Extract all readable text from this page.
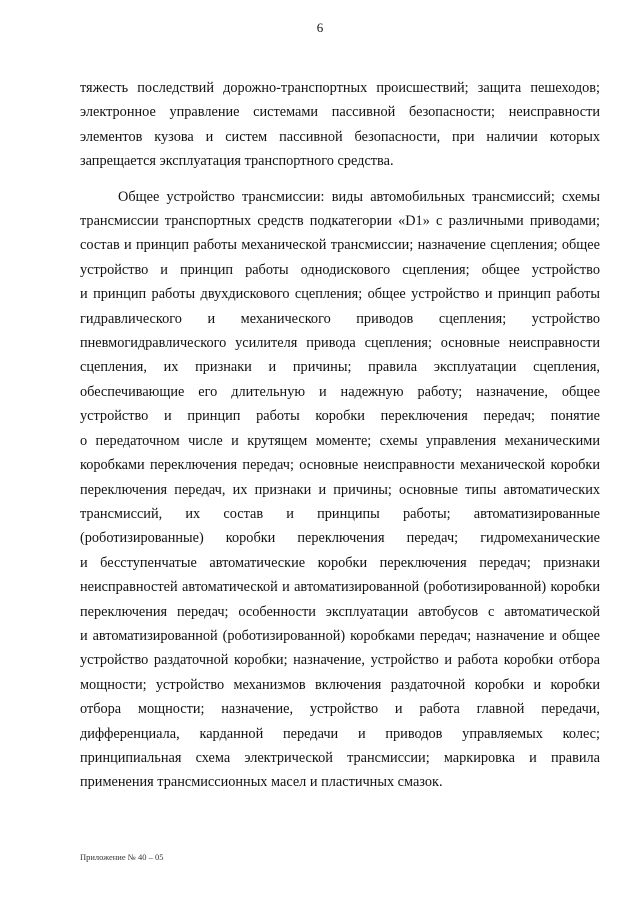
6
тяжесть последствий дорожно-транспортных происшествий; защита пешеходов;
электронное управление системами пассивной безопасности; неисправности
элементов кузова и систем пассивной безопасности, при наличии которых
запрещается эксплуатация транспортного средства.
Общее устройство трансмиссии: виды автомобильных трансмиссий; схемы
трансмиссии транспортных средств подкатегории «D1» с различными приводами;
состав и принцип работы механической трансмиссии; назначение сцепления; общее
устройство и принцип работы однодискового сцепления; общее устройство
и принцип работы двухдискового сцепления; общее устройство и принцип работы
гидравлического и механического приводов сцепления; устройство
пневмогидравлического усилителя привода сцепления; основные неисправности
сцепления, их признаки и причины; правила эксплуатации сцепления,
обеспечивающие его длительную и надежную работу; назначение, общее
устройство и принцип работы коробки переключения передач; понятие
о передаточном числе и крутящем моменте; схемы управления механическими
коробками переключения передач; основные неисправности механической коробки
переключения передач, их признаки и причины; основные типы автоматических
трансмиссий, их состав и принципы работы; автоматизированные
(роботизированные) коробки переключения передач; гидромеханические
и бесступенчатые автоматические коробки переключения передач; признаки
неисправностей автоматической и автоматизированной (роботизированной) коробки
переключения передач; особенности эксплуатации автобусов с автоматической
и автоматизированной (роботизированной) коробками передач; назначение и общее
устройство раздаточной коробки; назначение, устройство и работа коробки отбора
мощности; устройство механизмов включения раздаточной коробки и коробки
отбора мощности; назначение, устройство и работа главной передачи,
дифференциала, карданной передачи и приводов управляемых колес;
принципиальная схема электрической трансмиссии; маркировка и правила
применения трансмиссионных масел и пластичных смазок.
Приложение № 40 – 05
